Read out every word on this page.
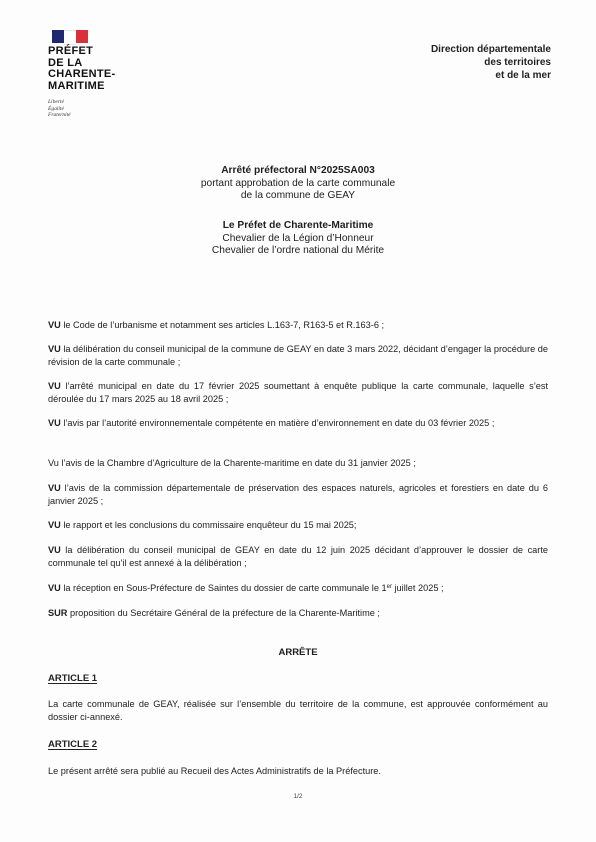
PRÉFET
DE LA
CHARENTE-
MARITIME
Liberté
Égalité
Fraternité
Direction départementale
des territoires
et de la mer
Arrêté préfectoral N°2025SA003
portant approbation de la carte communale
de la commune de GEAY
Le Préfet de Charente-Maritime
Chevalier de la Légion d’Honneur
Chevalier de l’ordre national du Mérite
VU le Code de l’urbanisme et notamment ses articles L.163-7, R163-5 et R.163-6 ;
VU la délibération du conseil municipal de la commune de GEAY en date 3 mars 2022, décidant d’engager la procédure de révision de la carte communale ;
VU l’arrêté municipal en date du 17 février 2025 soumettant à enquête publique la carte communale, laquelle s’est déroulée du 17 mars 2025 au 18 avril 2025 ;
VU l’avis par l’autorité environnementale compétente en matière d’environnement en date du 03 février 2025 ;
Vu l’avis de la Chambre d’Agriculture de la Charente-maritime en date du 31 janvier 2025 ;
VU l’avis de la commission départementale de préservation des espaces naturels, agricoles et forestiers en date du 6 janvier 2025 ;
VU le rapport et les conclusions du commissaire enquêteur du 15 mai 2025;
VU la délibération du conseil municipal de GEAY en date du 12 juin 2025 décidant d’approuver le dossier de carte communale tel qu’il est annexé à la délibération ;
VU la réception en Sous-Préfecture de Saintes du dossier de carte communale le 1er juillet 2025 ;
SUR proposition du Secrétaire Général de la préfecture de la Charente-Maritime ;
ARRÊTE
ARTICLE 1
La carte communale de GEAY, réalisée sur l’ensemble du territoire de la commune, est approuvée conformément au dossier ci-annexé.
ARTICLE 2
Le présent arrêté sera publié au Recueil des Actes Administratifs de la Préfecture.
1/2
